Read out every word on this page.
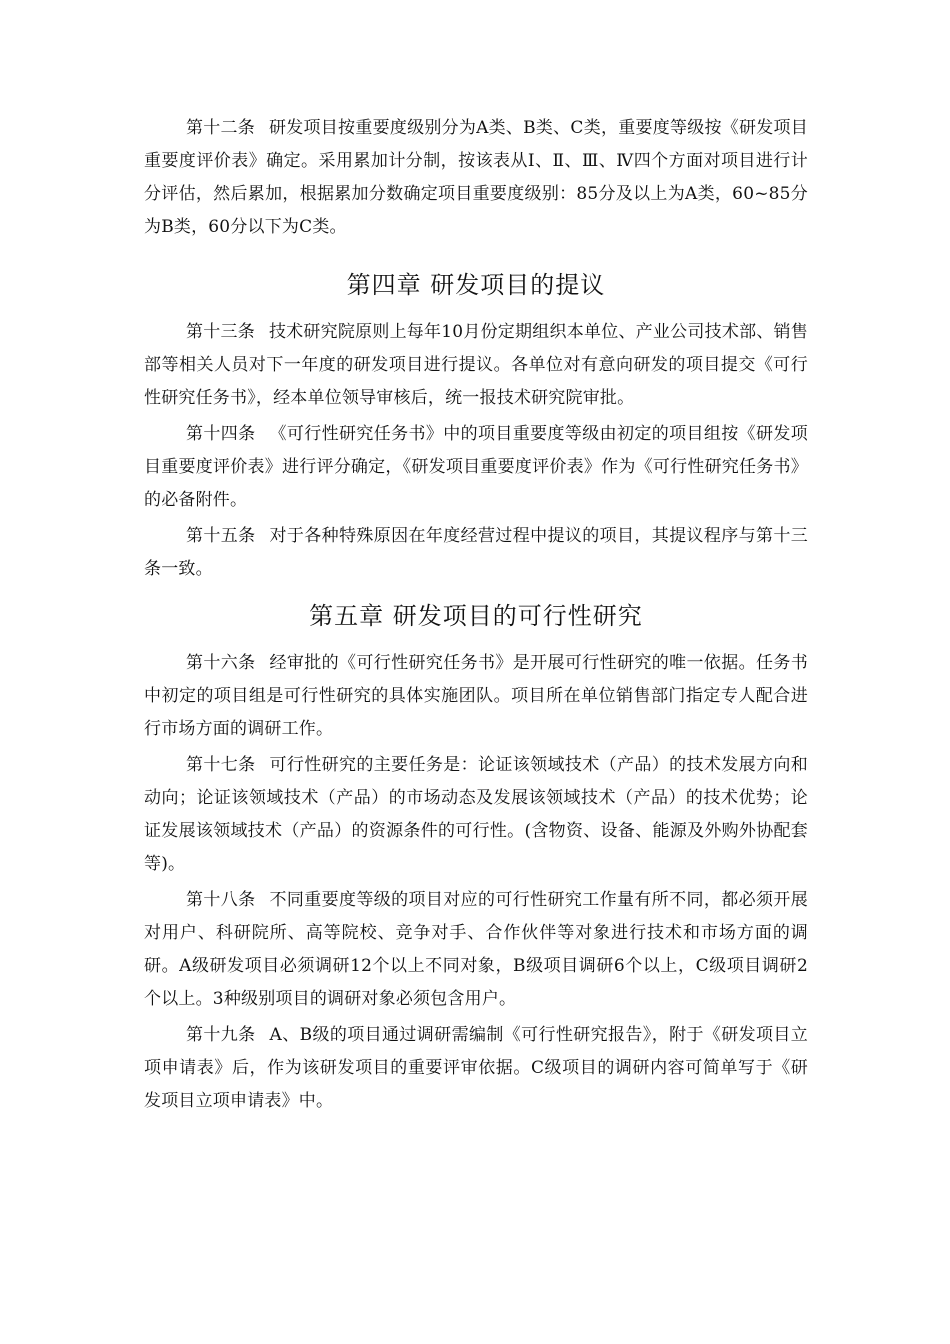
第十二条 研发项目按重要度级别分为A类、B类、C类，重要度等级按《研发项目重要度评价表》确定。采用累加计分制，按该表从Ⅰ、Ⅱ、Ⅲ、Ⅳ四个方面对项目进行计分评估，然后累加，根据累加分数确定项目重要度级别：85分及以上为A类，60~85分为B类，60分以下为C类。

第四章 研发项目的提议

第十三条 技术研究院原则上每年10月份定期组织本单位、产业公司技术部、销售部等相关人员对下一年度的研发项目进行提议。各单位对有意向研发的项目提交《可行性研究任务书》，经本单位领导审核后，统一报技术研究院审批。

第十四条 《可行性研究任务书》中的项目重要度等级由初定的项目组按《研发项目重要度评价表》进行评分确定，《研发项目重要度评价表》作为《可行性研究任务书》的必备附件。

第十五条 对于各种特殊原因在年度经营过程中提议的项目，其提议程序与第十三条一致。

第五章 研发项目的可行性研究

第十六条 经审批的《可行性研究任务书》是开展可行性研究的唯一依据。任务书中初定的项目组是可行性研究的具体实施团队。项目所在单位销售部门指定专人配合进行市场方面的调研工作。

第十七条 可行性研究的主要任务是：论证该领域技术（产品）的技术发展方向和动向；论证该领域技术（产品）的市场动态及发展该领域技术（产品）的技术优势；论证发展该领域技术（产品）的资源条件的可行性。(含物资、设备、能源及外购外协配套等)。

第十八条 不同重要度等级的项目对应的可行性研究工作量有所不同，都必须开展对用户、科研院所、高等院校、竞争对手、合作伙伴等对象进行技术和市场方面的调研。A级研发项目必须调研12个以上不同对象，B级项目调研6个以上，C级项目调研2个以上。3种级别项目的调研对象必须包含用户。

第十九条 A、B级的项目通过调研需编制《可行性研究报告》，附于《研发项目立项申请表》后，作为该研发项目的重要评审依据。C级项目的调研内容可简单写于《研发项目立项申请表》中。
